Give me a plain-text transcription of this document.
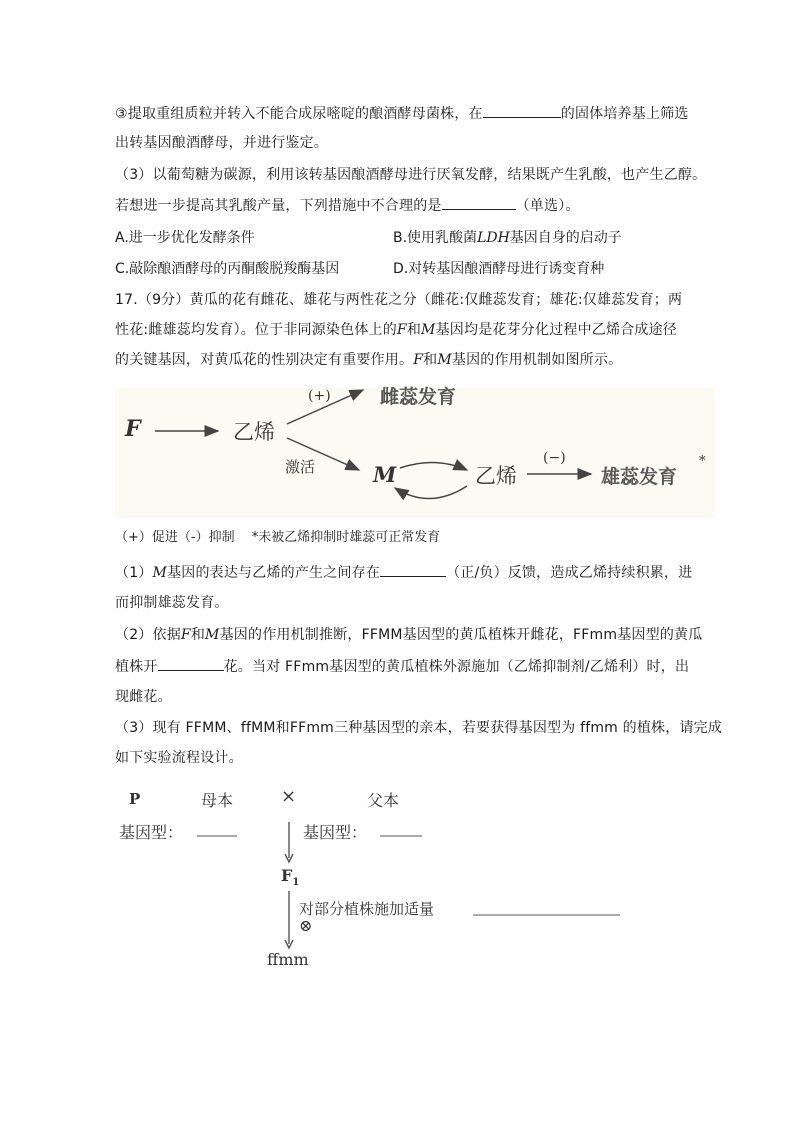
③提取重组质粒并转入不能合成尿嘧啶的酿酒酵母菌株，在	的固体培养基上筛选
出转基因酿酒酵母，并进行鉴定。
（3）以葡萄糖为碳源，利用该转基因酿酒酵母进行厌氧发酵，结果既产生乳酸，也产生乙醇。
若想进一步提高其乳酸产量，下列措施中不合理的是	（单选）。
A.进一步优化发酵条件	B.使用乳酸菌LDH基因自身的启动子
C.敲除酿酒酵母的丙酮酸脱羧酶基因	D.对转基因酿酒酵母进行诱变育种
17.（9分）黄瓜的花有雌花、雄花与两性花之分（雌花:仅雌蕊发育；雄花:仅雄蕊发育；两
性花:雌雄蕊均发育）。位于非同源染色体上的F和M基因均是花芽分化过程中乙烯合成途径
的关键基因，对黄瓜花的性别决定有重要作用。F和M基因的作用机制如图所示。
F	乙烯
(+)	雌蕊发育
激活	M	乙烯
(−)
雄蕊发育
*
（+）促进（-）抑制　 *未被乙烯抑制时雄蕊可正常发育
（1）M基因的表达与乙烯的产生之间存在	（正/负）反馈，造成乙烯持续积累，进
而抑制雄蕊发育。
（2）依据F和M基因的作用机制推断，FFMM基因型的黄瓜植株开雌花，FFmm基因型的黄瓜
植株开	花。当对 FFmm基因型的黄瓜植株外源施加（乙烯抑制剂/乙烯利）时，出
现雌花。
（3）现有 FFMM、ffMM和FFmm三种基因型的亲本，若要获得基因型为 ffmm 的植株，请完成
如下实验流程设计。
P	母本	×	父本
基因型：	基因型：
$F_1$
对部分植株施加适量
⊗
ffmm
